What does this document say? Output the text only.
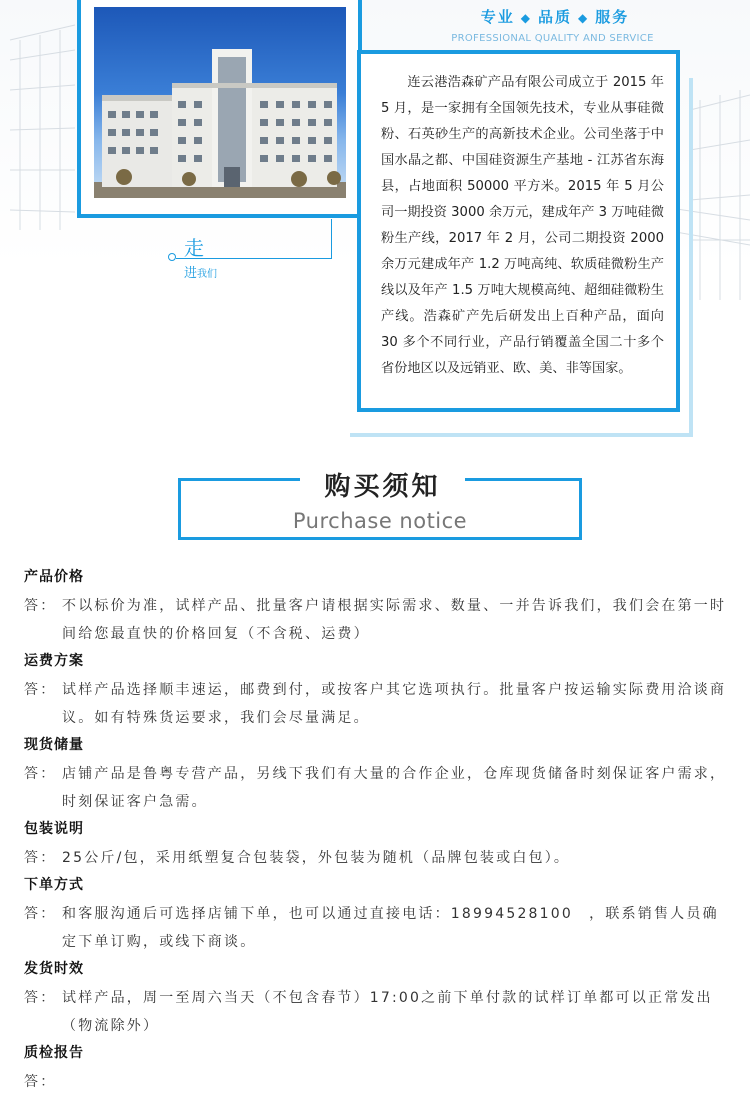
专业 ◆ 品质 ◆ 服务
PROFESSIONAL QUALITY AND SERVICE

连云港浩森矿产品有限公司成立于 2015 年 5 月，是一家拥有全国领先技术，专业从事硅微粉、石英砂生产的高新技术企业。公司坐落于中国水晶之都、中国硅资源生产基地 - 江苏省东海县，占地面积 50000 平方米。2015 年 5 月公司一期投资 3000 余万元，建成年产 3 万吨硅微粉生产线，2017 年 2 月，公司二期投资 2000 余万元建成年产 1.2 万吨高纯、软质硅微粉生产线以及年产 1.5 万吨大规模高纯、超细硅微粉生产线。浩森矿产先后研发出上百种产品，面向 30 多个不同行业，产品行销覆盖全国二十多个省份地区以及远销亚、欧、美、非等国家。

走
进我们
购买须知
Purchase notice
产品价格
答： 不以标价为准，试样产品、批量客户请根据实际需求、数量、一并告诉我们，我们会在第一时间给您最直快的价格回复（不含税、运费）
运费方案
答： 试样产品选择顺丰速运，邮费到付，或按客户其它选项执行。批量客户按运输实际费用洽谈商议。如有特殊货运要求，我们会尽量满足。
现货储量
答： 店铺产品是鲁粤专营产品，另线下我们有大量的合作企业，仓库现货储备时刻保证客户需求，时刻保证客户急需。
包装说明
答： 25公斤/包，采用纸塑复合包装袋，外包装为随机（品牌包装或白包）。
下单方式
答： 和客服沟通后可选择店铺下单，也可以通过直接电话：18994528100　，联系销售人员确定下单订购，或线下商谈。
发货时效
答： 试样产品，周一至周六当天（不包含春节）17:00之前下单付款的试样订单都可以正常发出（物流除外）
质检报告
答：
